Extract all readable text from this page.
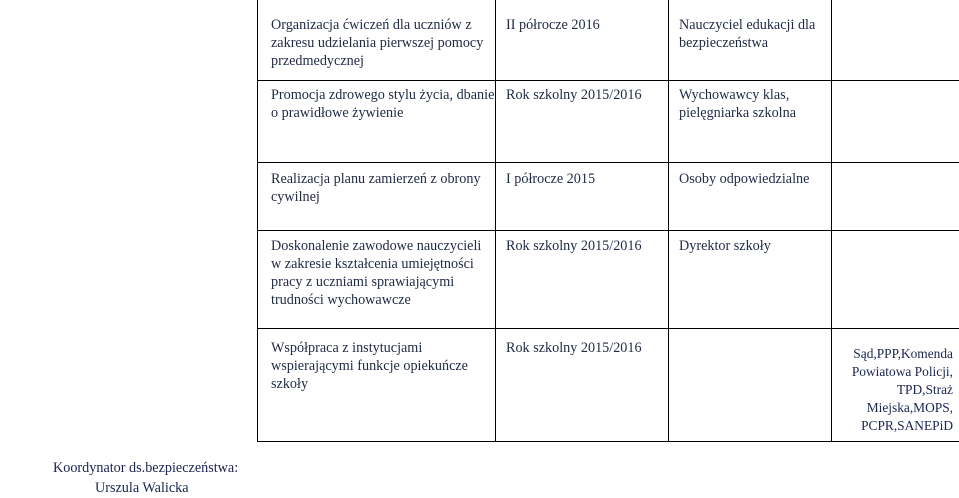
Organizacja ćwiczeń dla uczniów z zakresu udzielania pierwszej pomocy przedmedycznej	II półrocze 2016	Nauczyciel edukacji dla bezpieczeństwa	

Promocja zdrowego stylu życia, dbanie o prawidłowe żywienie	Rok szkolny 2015/2016	Wychowawcy klas, pielęgniarka szkolna	

Realizacja planu zamierzeń z obrony cywilnej	I półrocze 2015	Osoby odpowiedzialne	

Doskonalenie zawodowe nauczycieli w zakresie kształcenia umiejętności pracy z uczniami sprawiającymi trudności wychowawcze	Rok szkolny 2015/2016	Dyrektor szkoły	

Współpraca z instytucjami wspierającymi funkcje opiekuńcze szkoły	Rok szkolny 2015/2016		Sąd,PPP,Komenda Powiatowa Policji, TPD,Straż Miejska,MOPS, PCPR,SANEPiD
Koordynator ds.bezpieczeństwa:
Urszula Walicka
